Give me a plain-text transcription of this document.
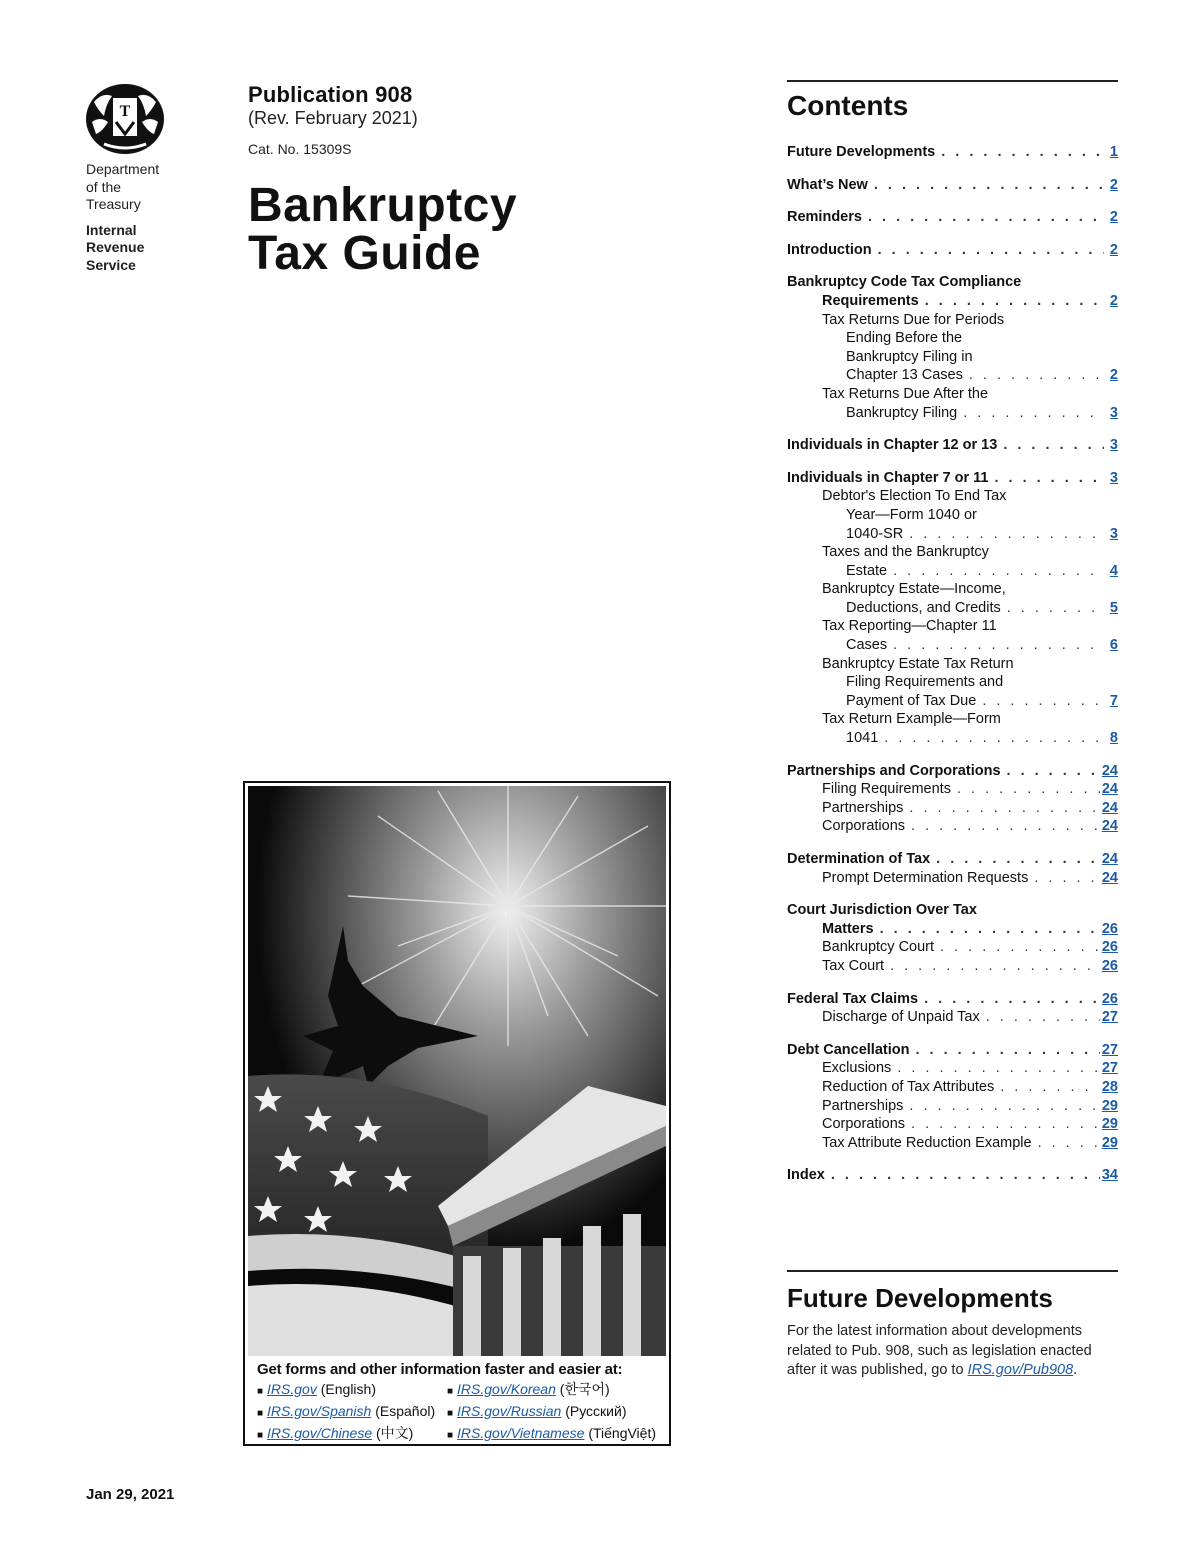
T
Department
of the
Treasury
Internal
Revenue
Service
Publication 908
(Rev. February 2021)
Cat. No. 15309S
Bankruptcy
Tax Guide
Get forms and other information faster and easier at:
■ IRS.gov (English)	■ IRS.gov/Korean (한국어)
■ IRS.gov/Spanish (Español)	■ IRS.gov/Russian (Русский)
■ IRS.gov/Chinese (中文)	■ IRS.gov/Vietnamese (TiếngViệt)
Jan 29, 2021
Contents
Future Developments . . .	1
What’s New . . .	2
Reminders . . .	2
Introduction . . .	2
Bankruptcy Code Tax Compliance
Requirements . . .	2
Tax Returns Due for Periods
Ending Before the
Bankruptcy Filing in
Chapter 13 Cases . . .	2
Tax Returns Due After the
Bankruptcy Filing . . .	3
Individuals in Chapter 12 or 13 . . .	3
Individuals in Chapter 7 or 11 . . .	3
Debtor's Election To End Tax
Year—Form 1040 or
1040-SR . . .	3
Taxes and the Bankruptcy
Estate . . .	4
Bankruptcy Estate—Income,
Deductions, and Credits . . .	5
Tax Reporting—Chapter 11
Cases . . .	6
Bankruptcy Estate Tax Return
Filing Requirements and
Payment of Tax Due . . .	7
Tax Return Example—Form
1041 . . .	8
Partnerships and Corporations . . .	24
Filing Requirements . . .	24
Partnerships . . .	24
Corporations . . .	24
Determination of Tax . . .	24
Prompt Determination Requests . . .	24
Court Jurisdiction Over Tax
Matters . . .	26
Bankruptcy Court . . .	26
Tax Court . . .	26
Federal Tax Claims . . .	26
Discharge of Unpaid Tax . . .	27
Debt Cancellation . . .	27
Exclusions . . .	27
Reduction of Tax Attributes . . .	28
Partnerships . . .	29
Corporations . . .	29
Tax Attribute Reduction Example . . .	29
Index . . .	34
Future Developments
For the latest information about developments related to Pub. 908, such as legislation enacted after it was published, go to IRS.gov/Pub908.
